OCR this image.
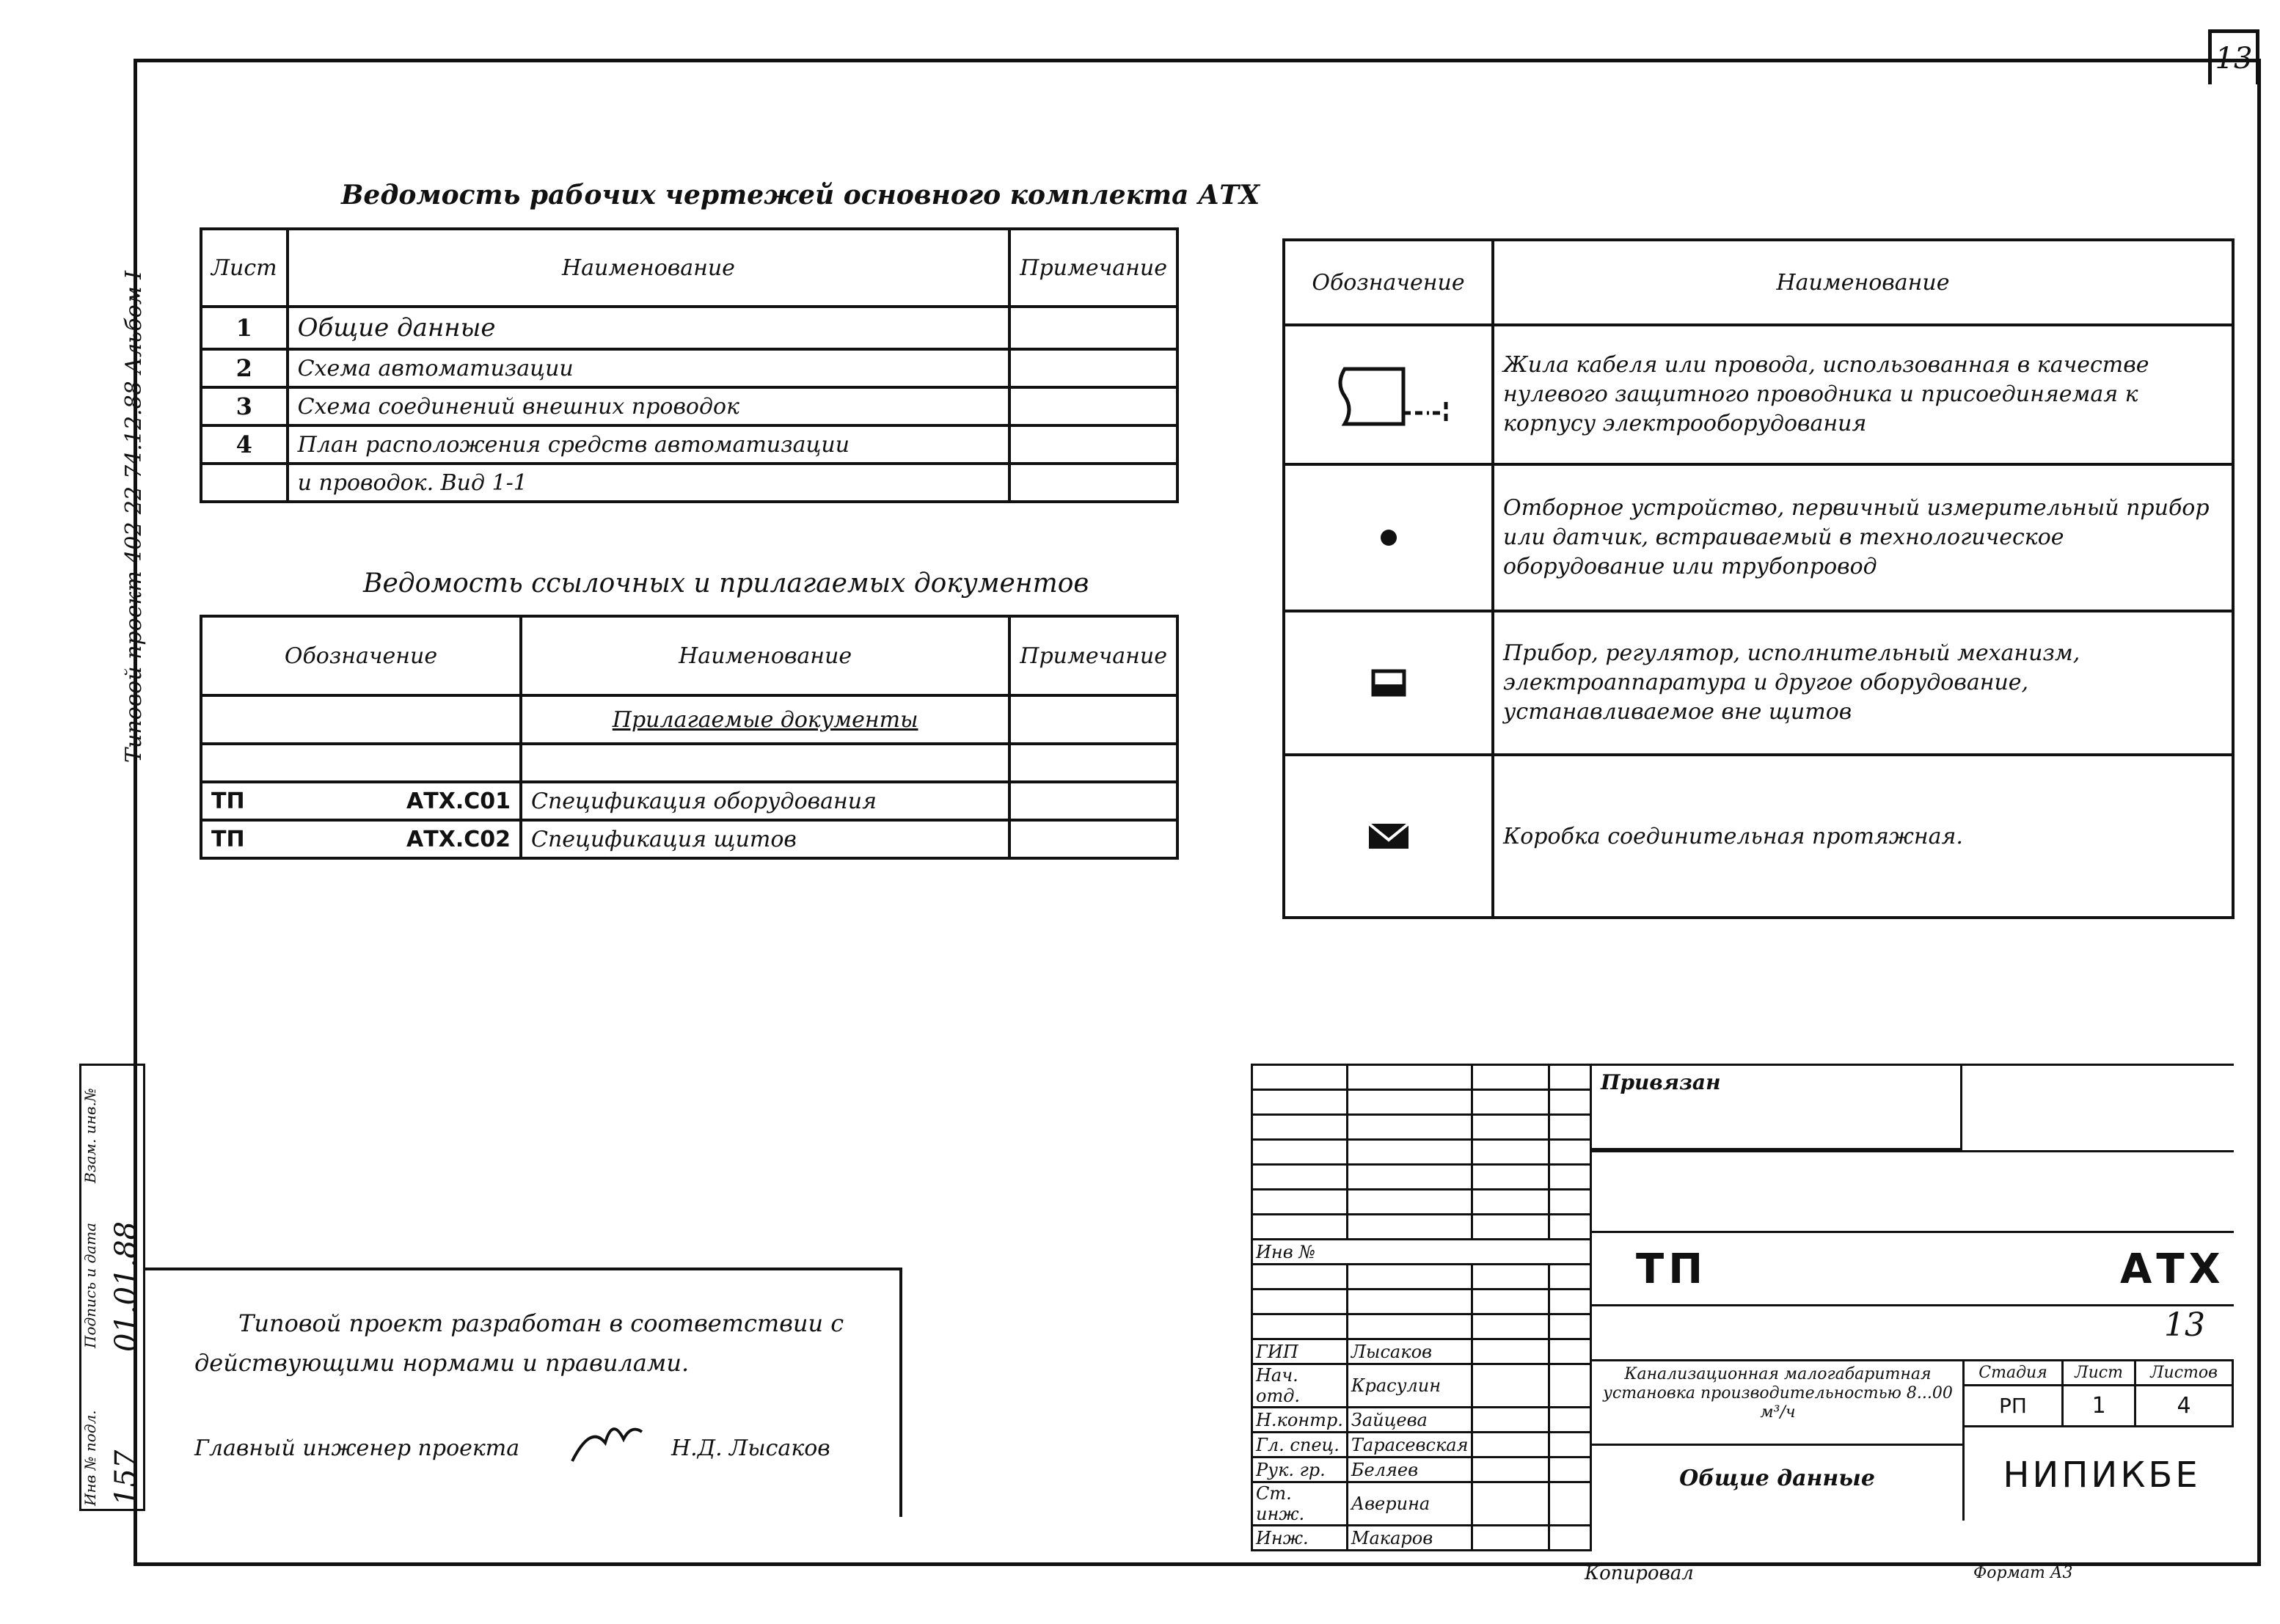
13
Типовой проект 402-22-74.12.88 Альбом I
Инв № подл.
Подпись и дата
Взам. инв.№
157
01.01.88
Ведомость рабочих чертежей основного комплекта АТХ
Лист	Наименование	Примечание
1	Общие данные	
2	Схема автоматизации	
3	Схема соединений внешних проводок	
4	План расположения средств автоматизации	
	и проводок. Вид 1-1	
Ведомость ссылочных и прилагаемых документов
Обозначение	Наименование	Примечание
	Прилагаемые документы	

ТП АТХ.С01	Спецификация оборудования	
ТП АТХ.С02	Спецификация щитов	
Обозначение	Наименование

	Жила кабеля или провода, использованная в качестве нулевого защитного проводника и присоединяемая к корпусу электрооборудования

	Отборное устройство, первичный измерительный прибор или датчик, встраиваемый в технологическое оборудование или трубопровод

	Прибор, регулятор, исполнительный механизм, электроаппаратура и другое оборудование, устанавливаемое вне щитов

	Коробка соединительная протяжная.
Типовой проект разработан в соответствии с действующими нормами и правилами.
Главный инженер проекта	Н.Д. Лысаков

Инв №			

ГИП	Лысаков		
Нач. отд.	Красулин		
Н.контр.	Зайцева		
Гл. спец.	Тарасевская		
Рук. гр.	Беляев		
Ст. инж.	Аверина		
Инж.	Макаров		
Привязан
ТП	АТХ
13
Канализационная малогабаритная установка производительностью 8...00 м³/ч
Общие данные
Стадия	Лист	Листов
РП	1	4
НИПИКБЕ
Копировал	Формат А3
